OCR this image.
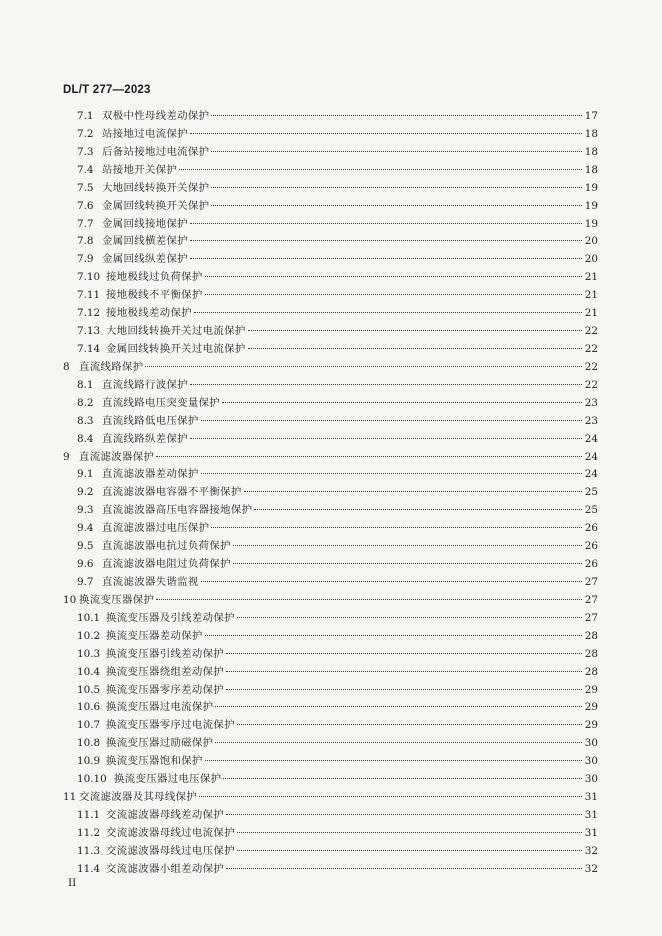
DL/T 277—2023
7.1 双极中性母线差动保护	17
7.2 站接地过电流保护	18
7.3 后备站接地过电流保护	18
7.4 站接地开关保护	18
7.5 大地回线转换开关保护	19
7.6 金属回线转换开关保护	19
7.7 金属回线接地保护	19
7.8 金属回线横差保护	20
7.9 金属回线纵差保护	20
7.10 接地极线过负荷保护	21
7.11 接地极线不平衡保护	21
7.12 接地极线差动保护	21
7.13 大地回线转换开关过电流保护	22
7.14 金属回线转换开关过电流保护	22
8 直流线路保护	22
8.1 直流线路行波保护	22
8.2 直流线路电压突变量保护	23
8.3 直流线路低电压保护	23
8.4 直流线路纵差保护	24
9 直流滤波器保护	24
9.1 直流滤波器差动保护	24
9.2 直流滤波器电容器不平衡保护	25
9.3 直流滤波器高压电容器接地保护	25
9.4 直流滤波器过电压保护	26
9.5 直流滤波器电抗过负荷保护	26
9.6 直流滤波器电阻过负荷保护	26
9.7 直流滤波器失谐监视	27
10 换流变压器保护	27
10.1 换流变压器及引线差动保护	27
10.2 换流变压器差动保护	28
10.3 换流变压器引线差动保护	28
10.4 换流变压器绕组差动保护	28
10.5 换流变压器零序差动保护	29
10.6 换流变压器过电流保护	29
10.7 换流变压器零序过电流保护	29
10.8 换流变压器过励磁保护	30
10.9 换流变压器饱和保护	30
10.10 换流变压器过电压保护	30
11 交流滤波器及其母线保护	31
11.1 交流滤波器母线差动保护	31
11.2 交流滤波器母线过电流保护	31
11.3 交流滤波器母线过电压保护	32
11.4 交流滤波器小组差动保护	32
II
